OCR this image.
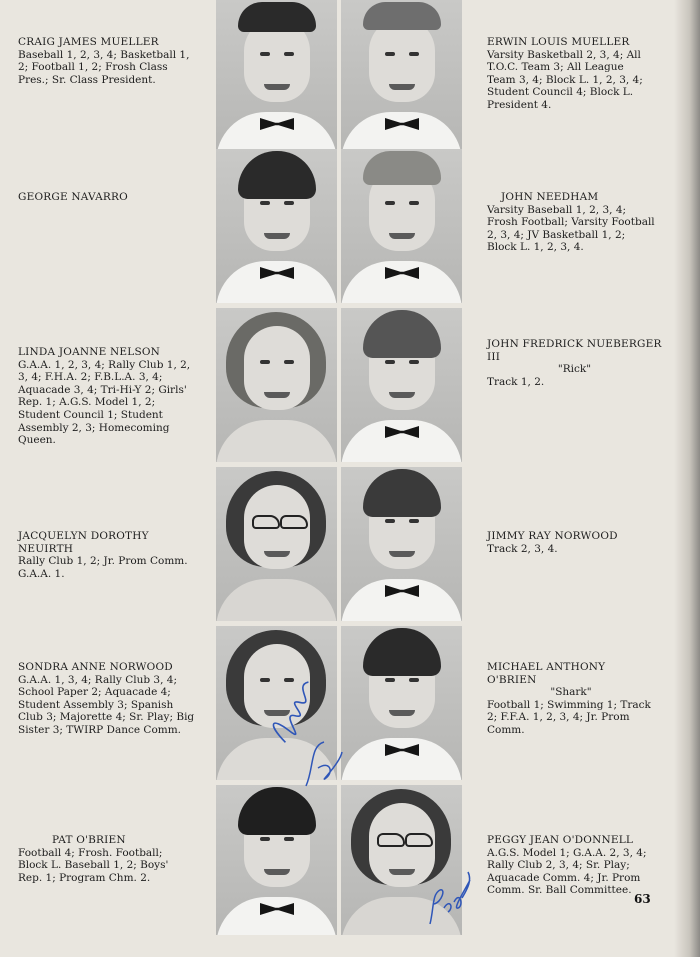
CRAIG JAMES MUELLER
Baseball 1, 2, 3, 4; Basketball 1, 2; Football 1, 2; Frosh Class Pres.; Sr. Class President.
GEORGE NAVARRO
LINDA JOANNE NELSON
G.A.A. 1, 2, 3, 4; Rally Club 1, 2, 3, 4; F.H.A. 2; F.B.L.A. 3, 4; Aquacade 3, 4; Tri-Hi-Y 2; Girls' Rep. 1; A.G.S. Model 1, 2; Student Council 1; Student Assembly 2, 3; Homecoming Queen.
JACQUELYN DOROTHY NEUIRTH
Rally Club 1, 2; Jr. Prom Comm. G.A.A. 1.
SONDRA ANNE NORWOOD
G.A.A. 1, 3, 4; Rally Club 3, 4; School Paper 2; Aquacade 4; Student Assembly 3; Spanish Club 3; Majorette 4; Sr. Play; Big Sister 3; TWIRP Dance Comm.
PAT O'BRIEN
Football 4; Frosh. Football; Block L. Baseball 1, 2; Boys' Rep. 1; Program Chm. 2.
ERWIN LOUIS MUELLER
Varsity Basketball 2, 3, 4; All T.O.C. Team 3; All League Team 3, 4; Block L. 1, 2, 3, 4; Student Council 4; Block L. President 4.
JOHN NEEDHAM
Varsity Baseball 1, 2, 3, 4; Frosh Football; Varsity Football 2, 3, 4; JV Basketball 1, 2; Block L. 1, 2, 3, 4.
JOHN FREDRICK NUEBERGER III
"Rick"
Track 1, 2.
JIMMY RAY NORWOOD
Track 2, 3, 4.
MICHAEL ANTHONY O'BRIEN
"Shark"
Football 1; Swimming 1; Track 2; F.F.A. 1, 2, 3, 4; Jr. Prom Comm.
PEGGY JEAN O'DONNELL
A.G.S. Model 1; G.A.A. 2, 3, 4; Rally Club 2, 3, 4; Sr. Play; Aquacade Comm. 4; Jr. Prom Comm. Sr. Ball Committee.
63
